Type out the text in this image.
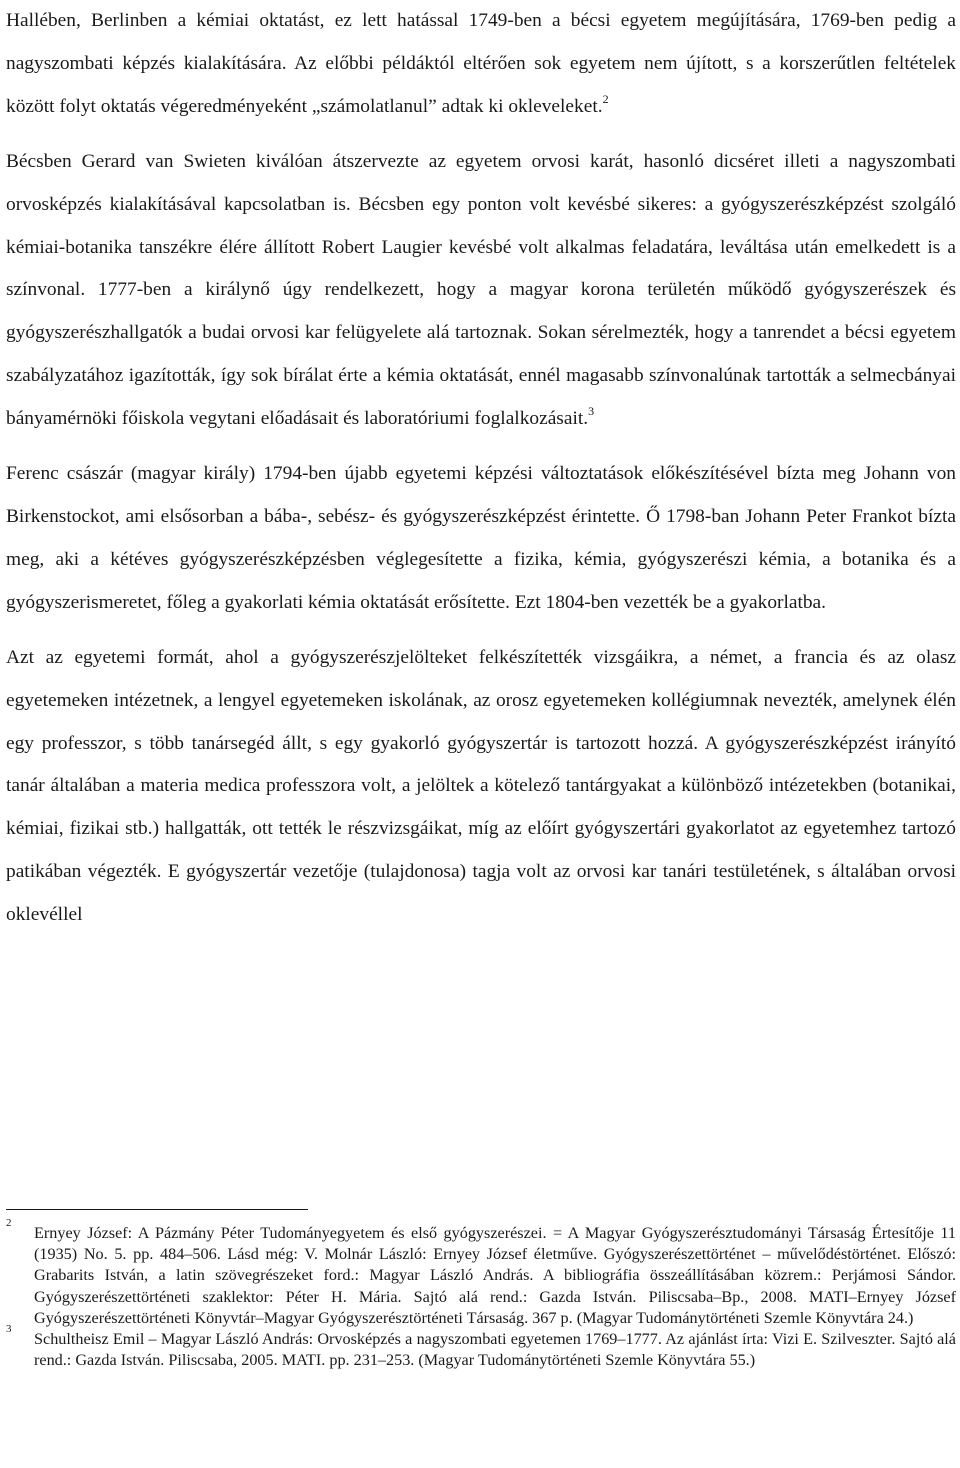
Hallében, Berlinben a kémiai oktatást, ez lett hatással 1749-ben a bécsi egyetem megújítására, 1769-ben pedig a nagyszombati képzés kialakítására. Az előbbi példáktól eltérően sok egyetem nem újított, s a korszerűtlen feltételek között folyt oktatás végeredményeként „számolatlanul” adtak ki okleveleket.$^2$

Bécsben Gerard van Swieten kiválóan átszervezte az egyetem orvosi karát, hasonló dicséret illeti a nagyszombati orvosképzés kialakításával kapcsolatban is. Bécsben egy ponton volt kevésbé sikeres: a gyógyszerészképzést szolgáló kémiai-botanika tanszékre élére állított Robert Laugier kevésbé volt alkalmas feladatára, leváltása után emelkedett is a színvonal. 1777-ben a királynő úgy rendelkezett, hogy a magyar korona területén működő gyógyszerészek és gyógyszerészhallgatók a budai orvosi kar felügyelete alá tartoznak. Sokan sérelmezték, hogy a tanrendet a bécsi egyetem szabályzatához igazították, így sok bírálat érte a kémia oktatását, ennél magasabb színvonalúnak tartották a selmecbányai bányamérnöki főiskola vegytani előadásait és laboratóriumi foglalkozásait.$^3$

Ferenc császár (magyar király) 1794-ben újabb egyetemi képzési változtatások előkészítésével bízta meg Johann von Birkenstockot, ami elsősorban a bába-, sebész- és gyógyszerészképzést érintette. Ő 1798-ban Johann Peter Frankot bízta meg, aki a kétéves gyógyszerészképzésben véglegesítette a fizika, kémia, gyógyszerészi kémia, a botanika és a gyógyszerismeretet, főleg a gyakorlati kémia oktatását erősítette. Ezt 1804-ben vezették be a gyakorlatba.

Azt az egyetemi formát, ahol a gyógyszerészjelölteket felkészítették vizsgáikra, a német, a francia és az olasz egyetemeken intézetnek, a lengyel egyetemeken iskolának, az orosz egyetemeken kollégiumnak nevezték, amelynek élén egy professzor, s több tanársegéd állt, s egy gyakorló gyógyszertár is tartozott hozzá. A gyógyszerészképzést irányító tanár általában a materia medica professzora volt, a jelöltek a kötelező tantárgyakat a különböző intézetekben (botanikai, kémiai, fizikai stb.) hallgatták, ott tették le részvizsgáikat, míg az előírt gyógyszertári gyakorlatot az egyetemhez tartozó patikában végezték. E gyógyszertár vezetője (tulajdonosa) tagja volt az orvosi kar tanári testületének, s általában orvosi oklevéllel

2
Ernyey József: A Pázmány Péter Tudományegyetem és első gyógyszerészei. = A Magyar Gyógyszerésztudományi Társaság Értesítője 11 (1935) No. 5. pp. 484–506. Lásd még: V. Molnár László: Ernyey József életműve. Gyógyszerészettörténet – művelődéstörténet. Előszó: Grabarits István, a latin szövegrészeket ford.: Magyar László András. A bibliográfia összeállításában közrem.: Perjámosi Sándor. Gyógyszerészettörténeti szaklektor: Péter H. Mária. Sajtó alá rend.: Gazda István. Piliscsaba–Bp., 2008. MATI–Ernyey József Gyógyszerészettörténeti Könyvtár–Magyar Gyógyszerésztörténeti Társaság. 367 p. (Magyar Tudománytörténeti Szemle Könyvtára 24.)

3
Schultheisz Emil – Magyar László András: Orvosképzés a nagyszombati egyetemen 1769–1777. Az ajánlást írta: Vizi E. Szilveszter. Sajtó alá rend.: Gazda István. Piliscsaba, 2005. MATI. pp. 231–253. (Magyar Tudománytörténeti Szemle Könyvtára 55.)
